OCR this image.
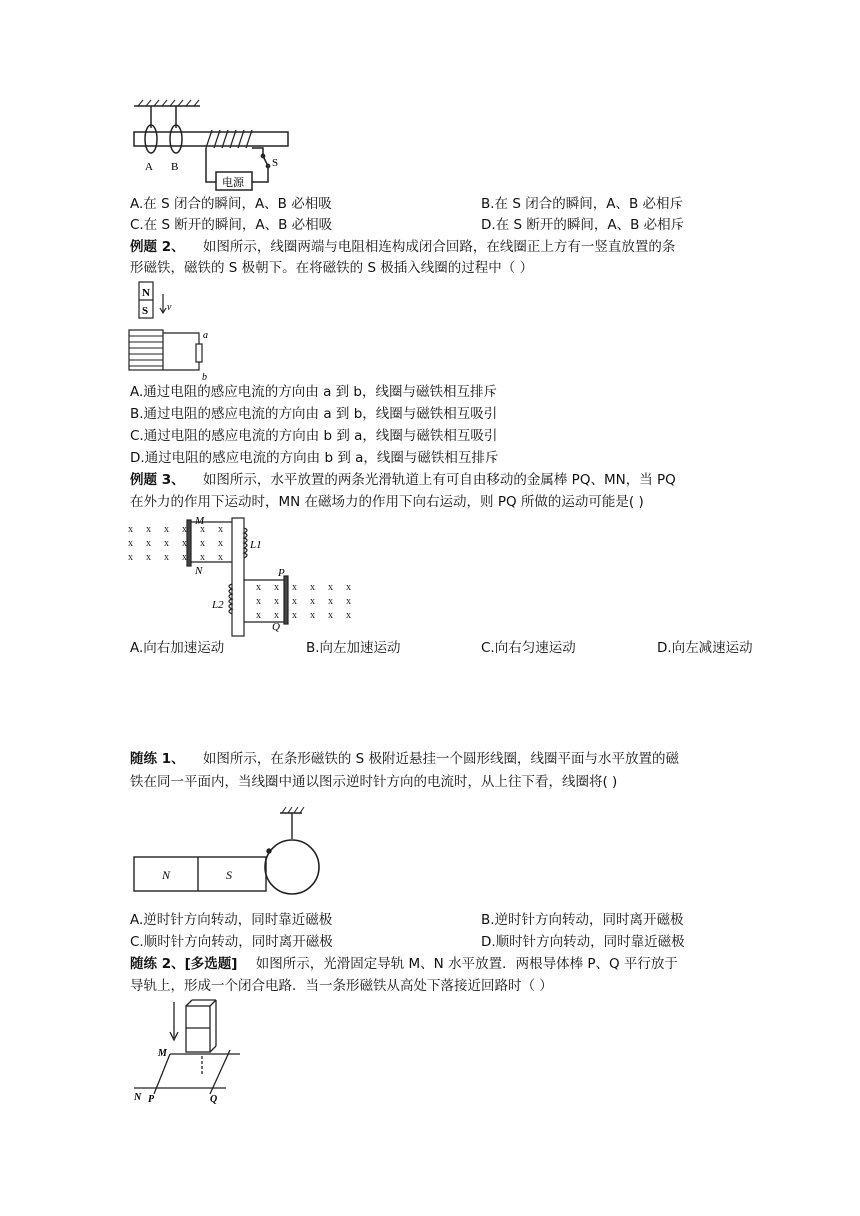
A B	S
电源
A.在 S 闭合的瞬间，A、B 必相吸	B.在 S 闭合的瞬间，A、B 必相斥
C.在 S 断开的瞬间，A、B 必相吸	D.在 S 断开的瞬间，A、B 必相斥
例题 2、 如图所示，线圈两端与电阻相连构成闭合回路，在线圈正上方有一竖直放置的条
形磁铁，磁铁的 S 极朝下。在将磁铁的 S 极插入线圈的过程中（ ）
N
S v
a
b
A.通过电阻的感应电流的方向由 a 到 b，线圈与磁铁相互排斥
B.通过电阻的感应电流的方向由 a 到 b，线圈与磁铁相互吸引
C.通过电阻的感应电流的方向由 b 到 a，线圈与磁铁相互吸引
D.通过电阻的感应电流的方向由 b 到 a，线圈与磁铁相互排斥
例题 3、 如图所示，水平放置的两条光滑轨道上有可自由移动的金属棒 PQ、MN，当 PQ
在外力的作用下运动时，MN 在磁场力的作用下向右运动，则 PQ 所做的运动可能是( )
x x x x x x
x x x x x x
x x x x x x
x x x x x x
x x x x x x
x x x x x x
M
N	P
Q
L1
L2
A.向右加速运动	B.向左加速运动	C.向右匀速运动	D.向左减速运动
随练 1、 如图所示，在条形磁铁的 S 极附近悬挂一个圆形线圈，线圈平面与水平放置的磁
铁在同一平面内，当线圈中通以图示逆时针方向的电流时，从上往下看，线圈将( )
N	S
A.逆时针方向转动，同时靠近磁极	B.逆时针方向转动，同时离开磁极
C.顺时针方向转动，同时离开磁极	D.顺时针方向转动，同时靠近磁极
随练 2、[多选题] 如图所示，光滑固定导轨 M、N 水平放置．两根导体棒 P、Q 平行放于
导轨上，形成一个闭合电路．当一条形磁铁从高处下落接近回路时（ ）
M
N P	Q
